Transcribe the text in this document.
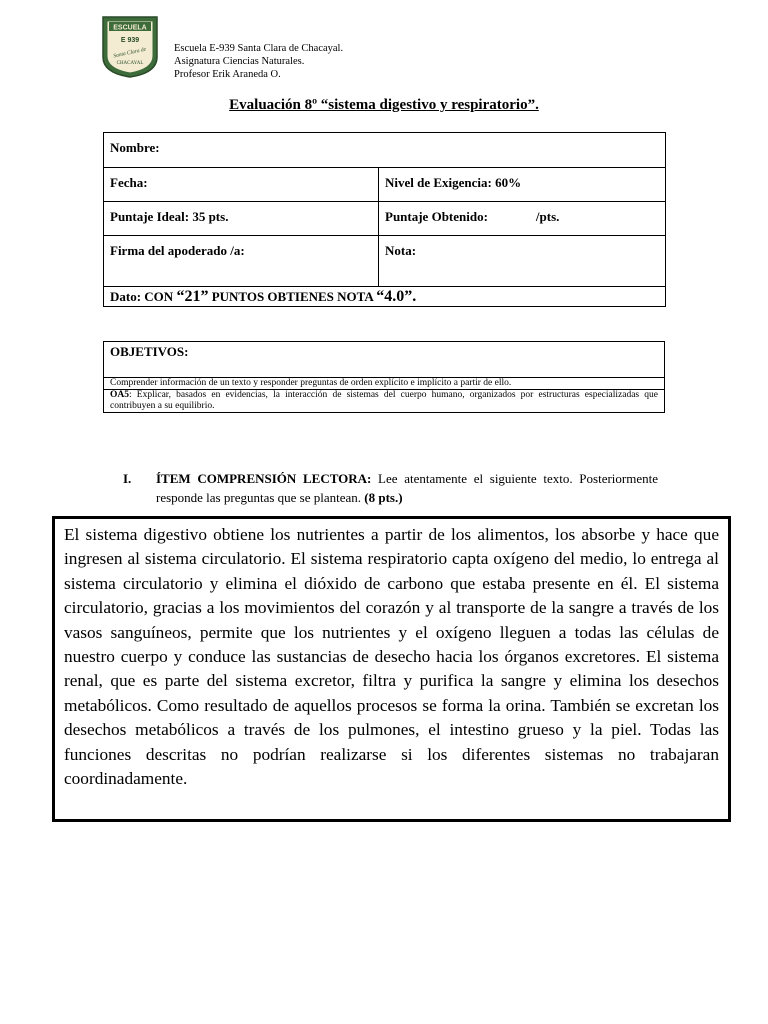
ESCUELA
E 939
Santa Clara de
CHACAYAL
Escuela E-939 Santa Clara de Chacayal.
Asignatura Ciencias Naturales.
Profesor Erik Araneda O.
Evaluación 8º “sistema digestivo y respiratorio”.
Nombre:	
Fecha:	Nivel de Exigencia: 60%
Puntaje Ideal: 35 pts.	Puntaje Obtenido: /pts.
Firma del apoderado /a:	Nota:
Dato: CON “21” PUNTOS OBTIENES NOTA “4.0”.	
OBJETIVOS:
Comprender información de un texto y responder preguntas de orden explícito e implícito a partir de ello.
OA5: Explicar, basados en evidencias, la interacción de sistemas del cuerpo humano, organizados por estructuras especializadas que contribuyen a su equilibrio.
I. ÍTEM COMPRENSIÓN LECTORA: Lee atentamente el siguiente texto. Posteriormente responde las preguntas que se plantean. (8 pts.)
El sistema digestivo obtiene los nutrientes a partir de los alimentos, los absorbe y hace que ingresen al sistema circulatorio. El sistema respiratorio capta oxígeno del medio, lo entrega al sistema circulatorio y elimina el dióxido de carbono que estaba presente en él. El sistema circulatorio, gracias a los movimientos del corazón y al transporte de la sangre a través de los vasos sanguíneos, permite que los nutrientes y el oxígeno lleguen a todas las células de nuestro cuerpo y conduce las sustancias de desecho hacia los órganos excretores. El sistema renal, que es parte del sistema excretor, filtra y purifica la sangre y elimina los desechos metabólicos. Como resultado de aquellos procesos se forma la orina. También se excretan los desechos metabólicos a través de los pulmones, el intestino grueso y la piel. Todas las funciones descritas no podrían realizarse si los diferentes sistemas no trabajaran coordinadamente.
